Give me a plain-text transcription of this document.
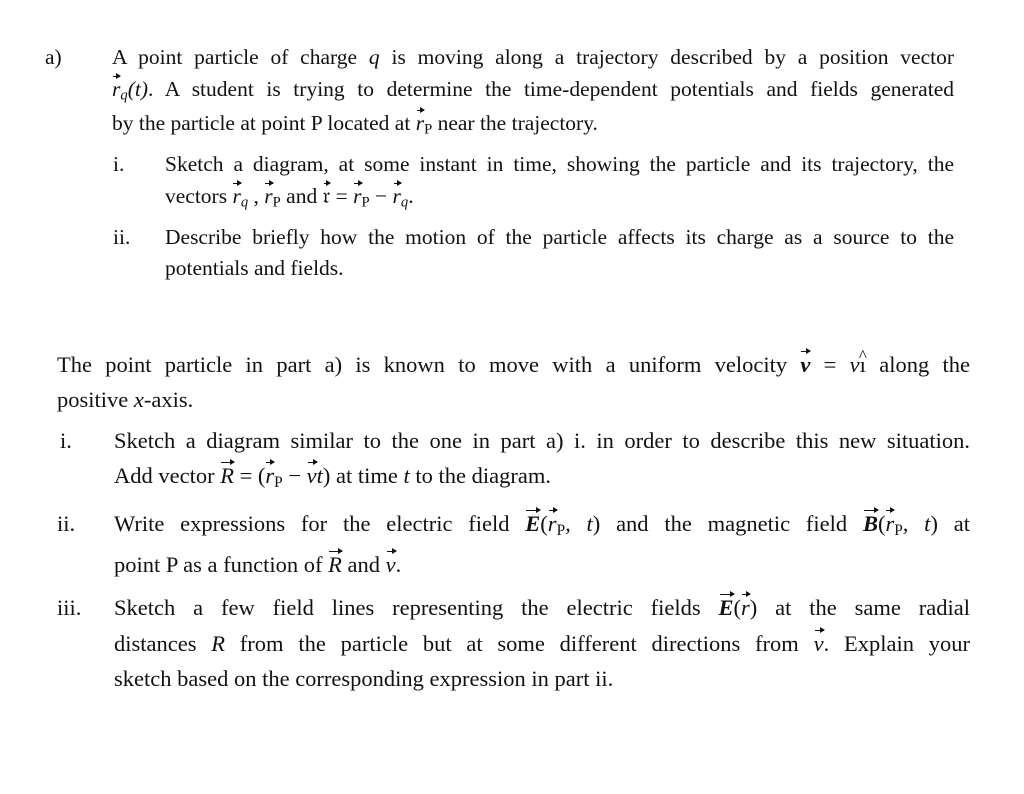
a) A point particle of charge q is moving along a trajectory described by a position vector
$r_q(t)$. A student is trying to determine the time-dependent potentials and fields generated
by the particle at point P located at $r_P$ near the trajectory.
i. Sketch a diagram, at some instant in time, showing the particle and its trajectory, the
vectors $r_q$ , $r_P$ and 𝔯 = $r_P - r_q$.
ii. Describe briefly how the motion of the particle affects its charge as a source to the
potentials and fields.
The point particle in part a) is known to move with a uniform velocity v = vı ^ along the
positive x-axis.
i. Sketch a diagram similar to the one in part a) i. in order to describe this new situation.
Add vector $R = (r_P - vt)$ at time t to the diagram.
ii. Write expressions for the electric field $E(r_P$, t) and the magnetic field $B(r_P$, t) at
point P as a function of R and v.
iii. Sketch a few field lines representing the electric fields E(r) at the same radial
distances R from the particle but at some different directions from v. Explain your
sketch based on the corresponding expression in part ii.
